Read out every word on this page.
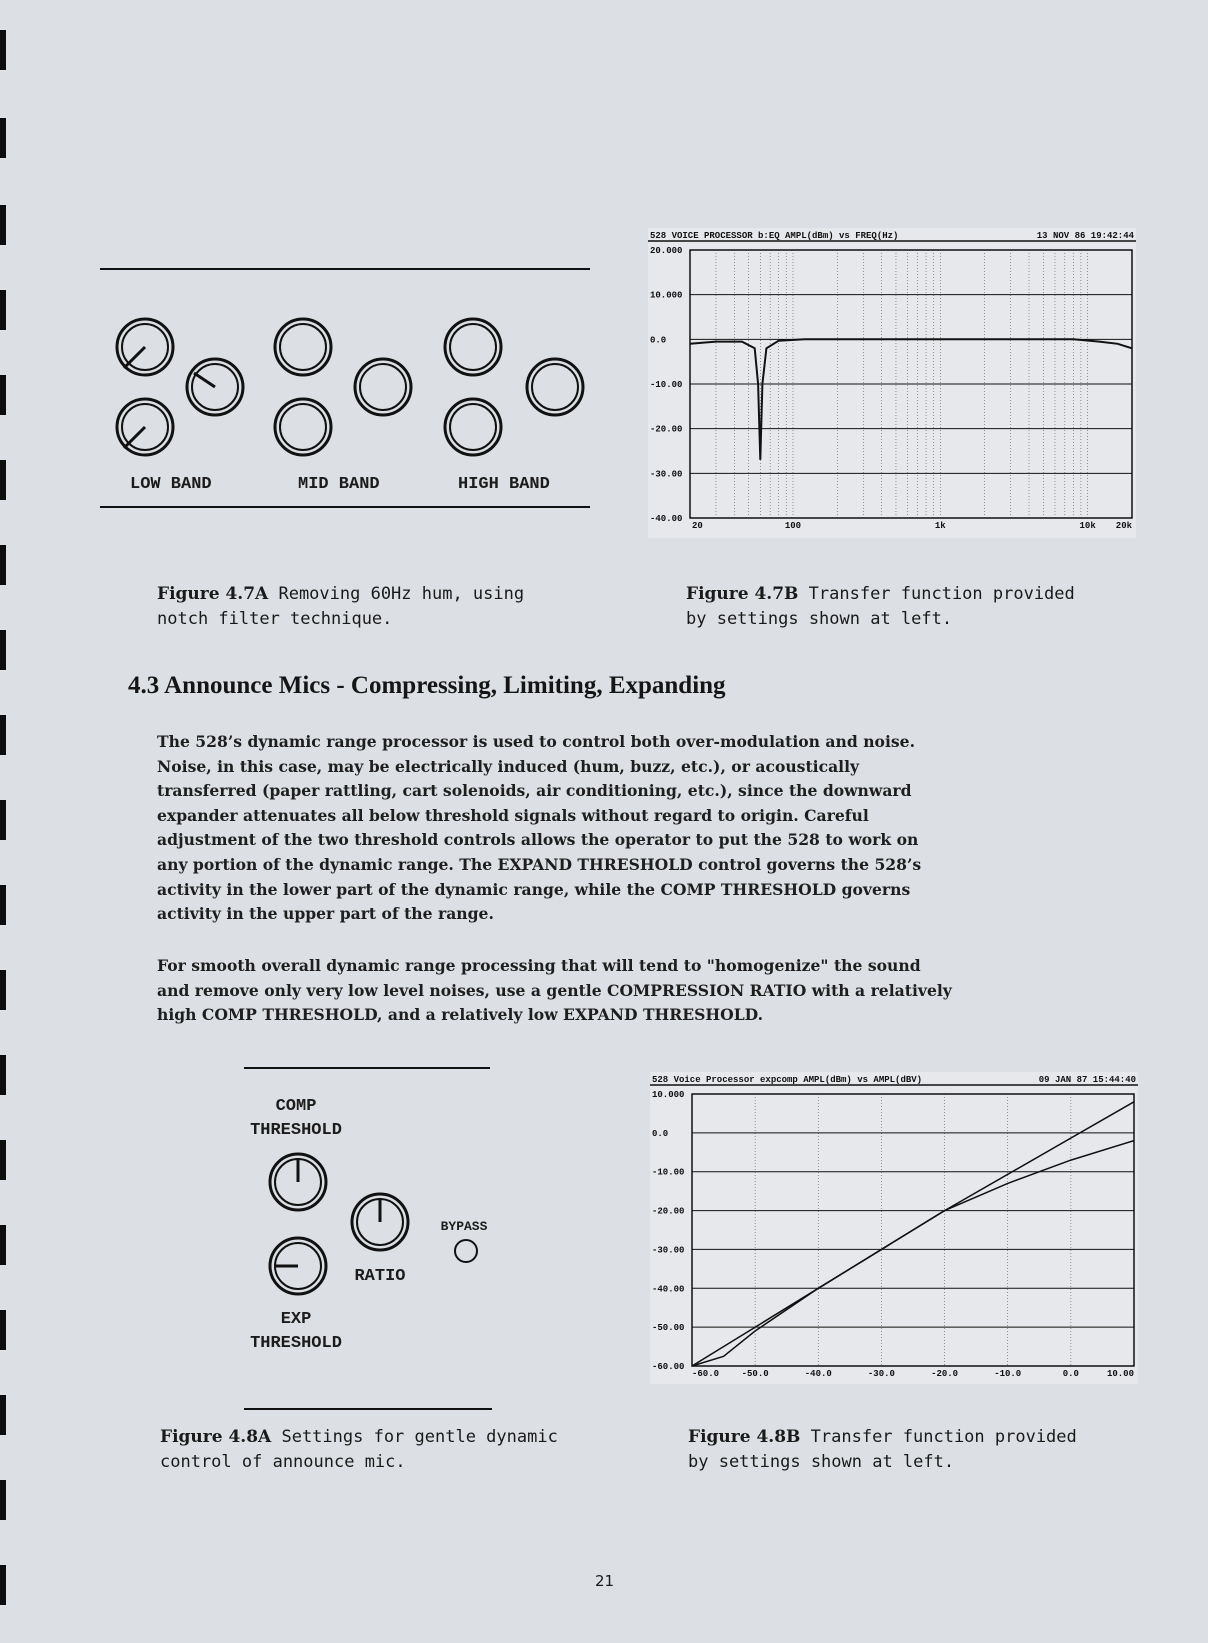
LOW BAND	MID BAND	HIGH BAND
528 VOICE PROCESSOR b:EQ AMPL(dBm) vs FREQ(Hz)	13 NOV 86 19:42:44
20.000
10.000
0.0
-10.00
-20.00
-30.00
-40.00
20	100	1k	10k 20k
Figure 4.7A Removing 60Hz hum, using
notch filter technique.
Figure 4.7B Transfer function provided
by settings shown at left.
4.3 Announce Mics - Compressing, Limiting, Expanding
The 528’s dynamic range processor is used to control both over-modulation and noise.
Noise, in this case, may be electrically induced (hum, buzz, etc.), or acoustically
transferred (paper rattling, cart solenoids, air conditioning, etc.), since the downward
expander attenuates all below threshold signals without regard to origin. Careful
adjustment of the two threshold controls allows the operator to put the 528 to work on
any portion of the dynamic range. The EXPAND THRESHOLD control governs the 528’s
activity in the lower part of the dynamic range, while the COMP THRESHOLD governs
activity in the upper part of the range.
For smooth overall dynamic range processing that will tend to "homogenize" the sound
and remove only very low level noises, use a gentle COMPRESSION RATIO with a relatively
high COMP THRESHOLD, and a relatively low EXPAND THRESHOLD.
COMP
THRESHOLD
RATIO
BYPASS
EXP
THRESHOLD
528 Voice Processor expcomp AMPL(dBm) vs AMPL(dBV)	09 JAN 87 15:44:40
10.000
0.0
-10.00
-20.00
-30.00
-40.00
-50.00
-60.00
-60.0	-50.0	-40.0	-30.0	-20.0	-10.0	0.0	10.00
Figure 4.8A Settings for gentle dynamic
control of announce mic.
Figure 4.8B Transfer function provided
by settings shown at left.
21
